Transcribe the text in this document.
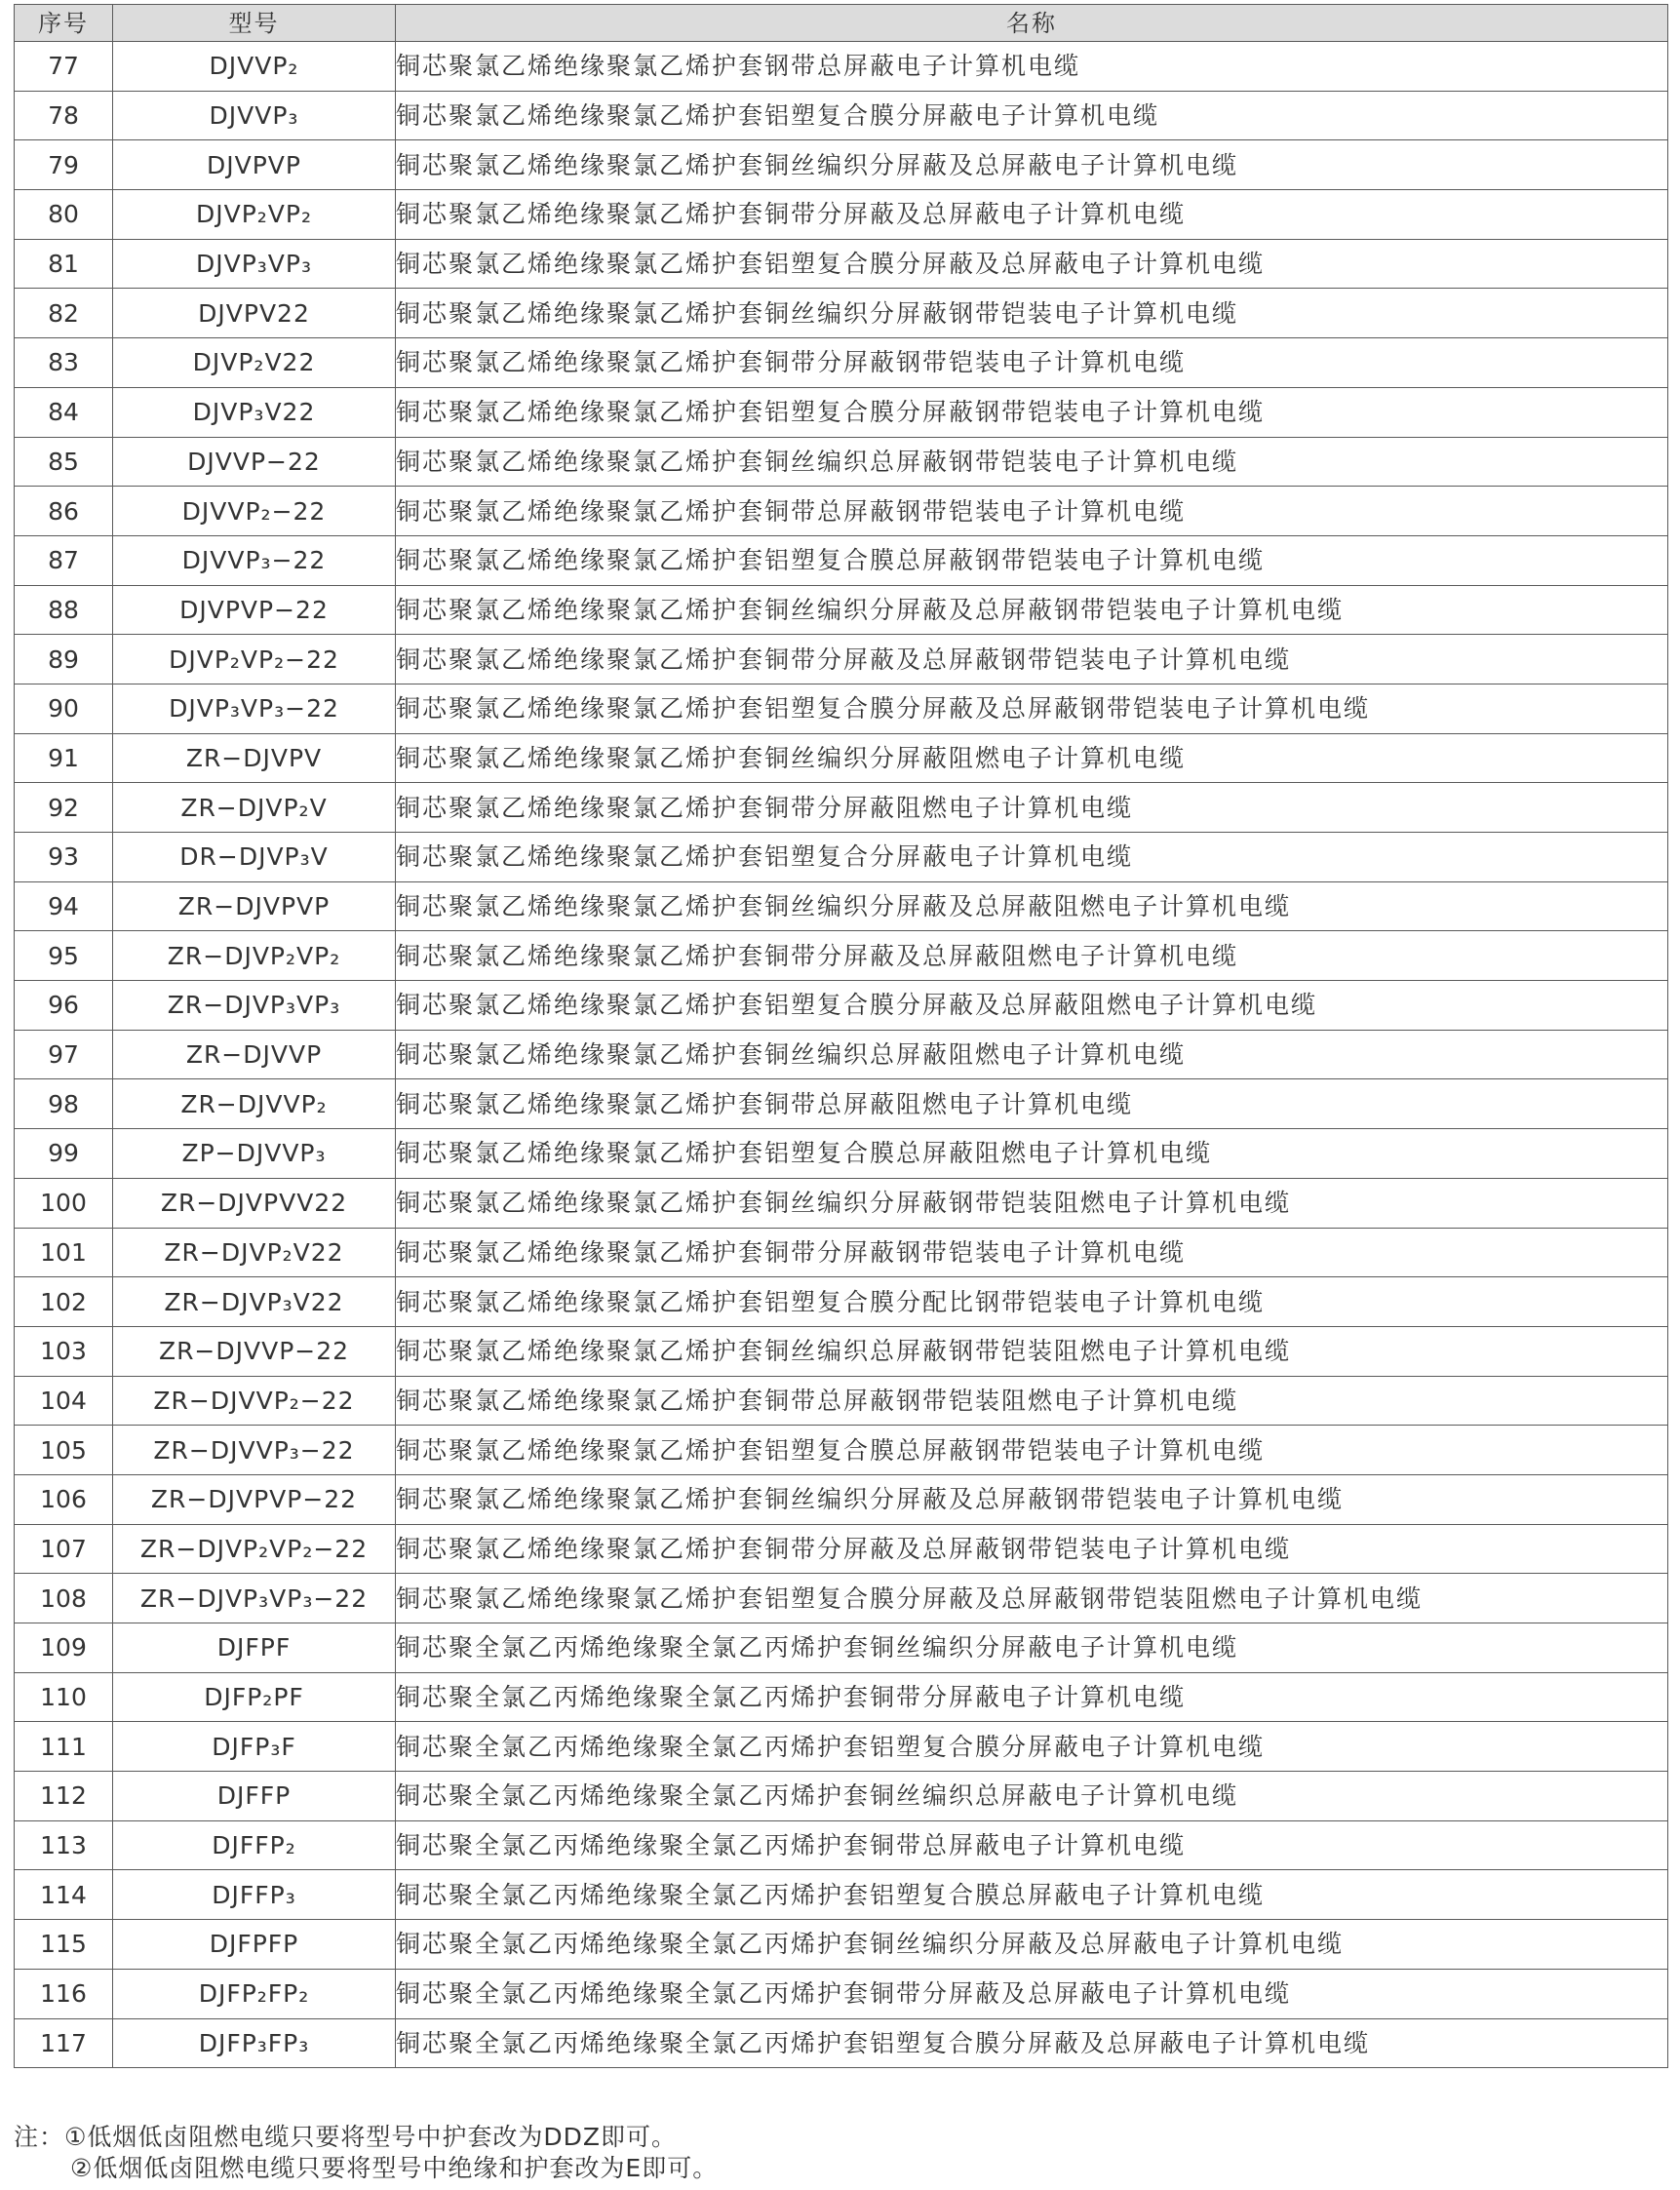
序号	型号	名称
77	DJVVP₂	铜芯聚氯乙烯绝缘聚氯乙烯护套钢带总屏蔽电子计算机电缆
78	DJVVP₃	铜芯聚氯乙烯绝缘聚氯乙烯护套铝塑复合膜分屏蔽电子计算机电缆
79	DJVPVP	铜芯聚氯乙烯绝缘聚氯乙烯护套铜丝编织分屏蔽及总屏蔽电子计算机电缆
80	DJVP₂VP₂	铜芯聚氯乙烯绝缘聚氯乙烯护套铜带分屏蔽及总屏蔽电子计算机电缆
81	DJVP₃VP₃	铜芯聚氯乙烯绝缘聚氯乙烯护套铝塑复合膜分屏蔽及总屏蔽电子计算机电缆
82	DJVPV22	铜芯聚氯乙烯绝缘聚氯乙烯护套铜丝编织分屏蔽钢带铠装电子计算机电缆
83	DJVP₂V22	铜芯聚氯乙烯绝缘聚氯乙烯护套铜带分屏蔽钢带铠装电子计算机电缆
84	DJVP₃V22	铜芯聚氯乙烯绝缘聚氯乙烯护套铝塑复合膜分屏蔽钢带铠装电子计算机电缆
85	DJVVP−22	铜芯聚氯乙烯绝缘聚氯乙烯护套铜丝编织总屏蔽钢带铠装电子计算机电缆
86	DJVVP₂−22	铜芯聚氯乙烯绝缘聚氯乙烯护套铜带总屏蔽钢带铠装电子计算机电缆
87	DJVVP₃−22	铜芯聚氯乙烯绝缘聚氯乙烯护套铝塑复合膜总屏蔽钢带铠装电子计算机电缆
88	DJVPVP−22	铜芯聚氯乙烯绝缘聚氯乙烯护套铜丝编织分屏蔽及总屏蔽钢带铠装电子计算机电缆
89	DJVP₂VP₂−22	铜芯聚氯乙烯绝缘聚氯乙烯护套铜带分屏蔽及总屏蔽钢带铠装电子计算机电缆
90	DJVP₃VP₃−22	铜芯聚氯乙烯绝缘聚氯乙烯护套铝塑复合膜分屏蔽及总屏蔽钢带铠装电子计算机电缆
91	ZR−DJVPV	铜芯聚氯乙烯绝缘聚氯乙烯护套铜丝编织分屏蔽阻燃电子计算机电缆
92	ZR−DJVP₂V	铜芯聚氯乙烯绝缘聚氯乙烯护套铜带分屏蔽阻燃电子计算机电缆
93	DR−DJVP₃V	铜芯聚氯乙烯绝缘聚氯乙烯护套铝塑复合分屏蔽电子计算机电缆
94	ZR−DJVPVP	铜芯聚氯乙烯绝缘聚氯乙烯护套铜丝编织分屏蔽及总屏蔽阻燃电子计算机电缆
95	ZR−DJVP₂VP₂	铜芯聚氯乙烯绝缘聚氯乙烯护套铜带分屏蔽及总屏蔽阻燃电子计算机电缆
96	ZR−DJVP₃VP₃	铜芯聚氯乙烯绝缘聚氯乙烯护套铝塑复合膜分屏蔽及总屏蔽阻燃电子计算机电缆
97	ZR−DJVVP	铜芯聚氯乙烯绝缘聚氯乙烯护套铜丝编织总屏蔽阻燃电子计算机电缆
98	ZR−DJVVP₂	铜芯聚氯乙烯绝缘聚氯乙烯护套铜带总屏蔽阻燃电子计算机电缆
99	ZP−DJVVP₃	铜芯聚氯乙烯绝缘聚氯乙烯护套铝塑复合膜总屏蔽阻燃电子计算机电缆
100	ZR−DJVPVV22	铜芯聚氯乙烯绝缘聚氯乙烯护套铜丝编织分屏蔽钢带铠装阻燃电子计算机电缆
101	ZR−DJVP₂V22	铜芯聚氯乙烯绝缘聚氯乙烯护套铜带分屏蔽钢带铠装电子计算机电缆
102	ZR−DJVP₃V22	铜芯聚氯乙烯绝缘聚氯乙烯护套铝塑复合膜分配比钢带铠装电子计算机电缆
103	ZR−DJVVP−22	铜芯聚氯乙烯绝缘聚氯乙烯护套铜丝编织总屏蔽钢带铠装阻燃电子计算机电缆
104	ZR−DJVVP₂−22	铜芯聚氯乙烯绝缘聚氯乙烯护套铜带总屏蔽钢带铠装阻燃电子计算机电缆
105	ZR−DJVVP₃−22	铜芯聚氯乙烯绝缘聚氯乙烯护套铝塑复合膜总屏蔽钢带铠装电子计算机电缆
106	ZR−DJVPVP−22	铜芯聚氯乙烯绝缘聚氯乙烯护套铜丝编织分屏蔽及总屏蔽钢带铠装电子计算机电缆
107	ZR−DJVP₂VP₂−22	铜芯聚氯乙烯绝缘聚氯乙烯护套铜带分屏蔽及总屏蔽钢带铠装电子计算机电缆
108	ZR−DJVP₃VP₃−22	铜芯聚氯乙烯绝缘聚氯乙烯护套铝塑复合膜分屏蔽及总屏蔽钢带铠装阻燃电子计算机电缆
109	DJFPF	铜芯聚全氯乙丙烯绝缘聚全氯乙丙烯护套铜丝编织分屏蔽电子计算机电缆
110	DJFP₂PF	铜芯聚全氯乙丙烯绝缘聚全氯乙丙烯护套铜带分屏蔽电子计算机电缆
111	DJFP₃F	铜芯聚全氯乙丙烯绝缘聚全氯乙丙烯护套铝塑复合膜分屏蔽电子计算机电缆
112	DJFFP	铜芯聚全氯乙丙烯绝缘聚全氯乙丙烯护套铜丝编织总屏蔽电子计算机电缆
113	DJFFP₂	铜芯聚全氯乙丙烯绝缘聚全氯乙丙烯护套铜带总屏蔽电子计算机电缆
114	DJFFP₃	铜芯聚全氯乙丙烯绝缘聚全氯乙丙烯护套铝塑复合膜总屏蔽电子计算机电缆
115	DJFPFP	铜芯聚全氯乙丙烯绝缘聚全氯乙丙烯护套铜丝编织分屏蔽及总屏蔽电子计算机电缆
116	DJFP₂FP₂	铜芯聚全氯乙丙烯绝缘聚全氯乙丙烯护套铜带分屏蔽及总屏蔽电子计算机电缆
117	DJFP₃FP₃	铜芯聚全氯乙丙烯绝缘聚全氯乙丙烯护套铝塑复合膜分屏蔽及总屏蔽电子计算机电缆
注：①低烟低卤阻燃电缆只要将型号中护套改为DDZ即可。
②低烟低卤阻燃电缆只要将型号中绝缘和护套改为E即可。
